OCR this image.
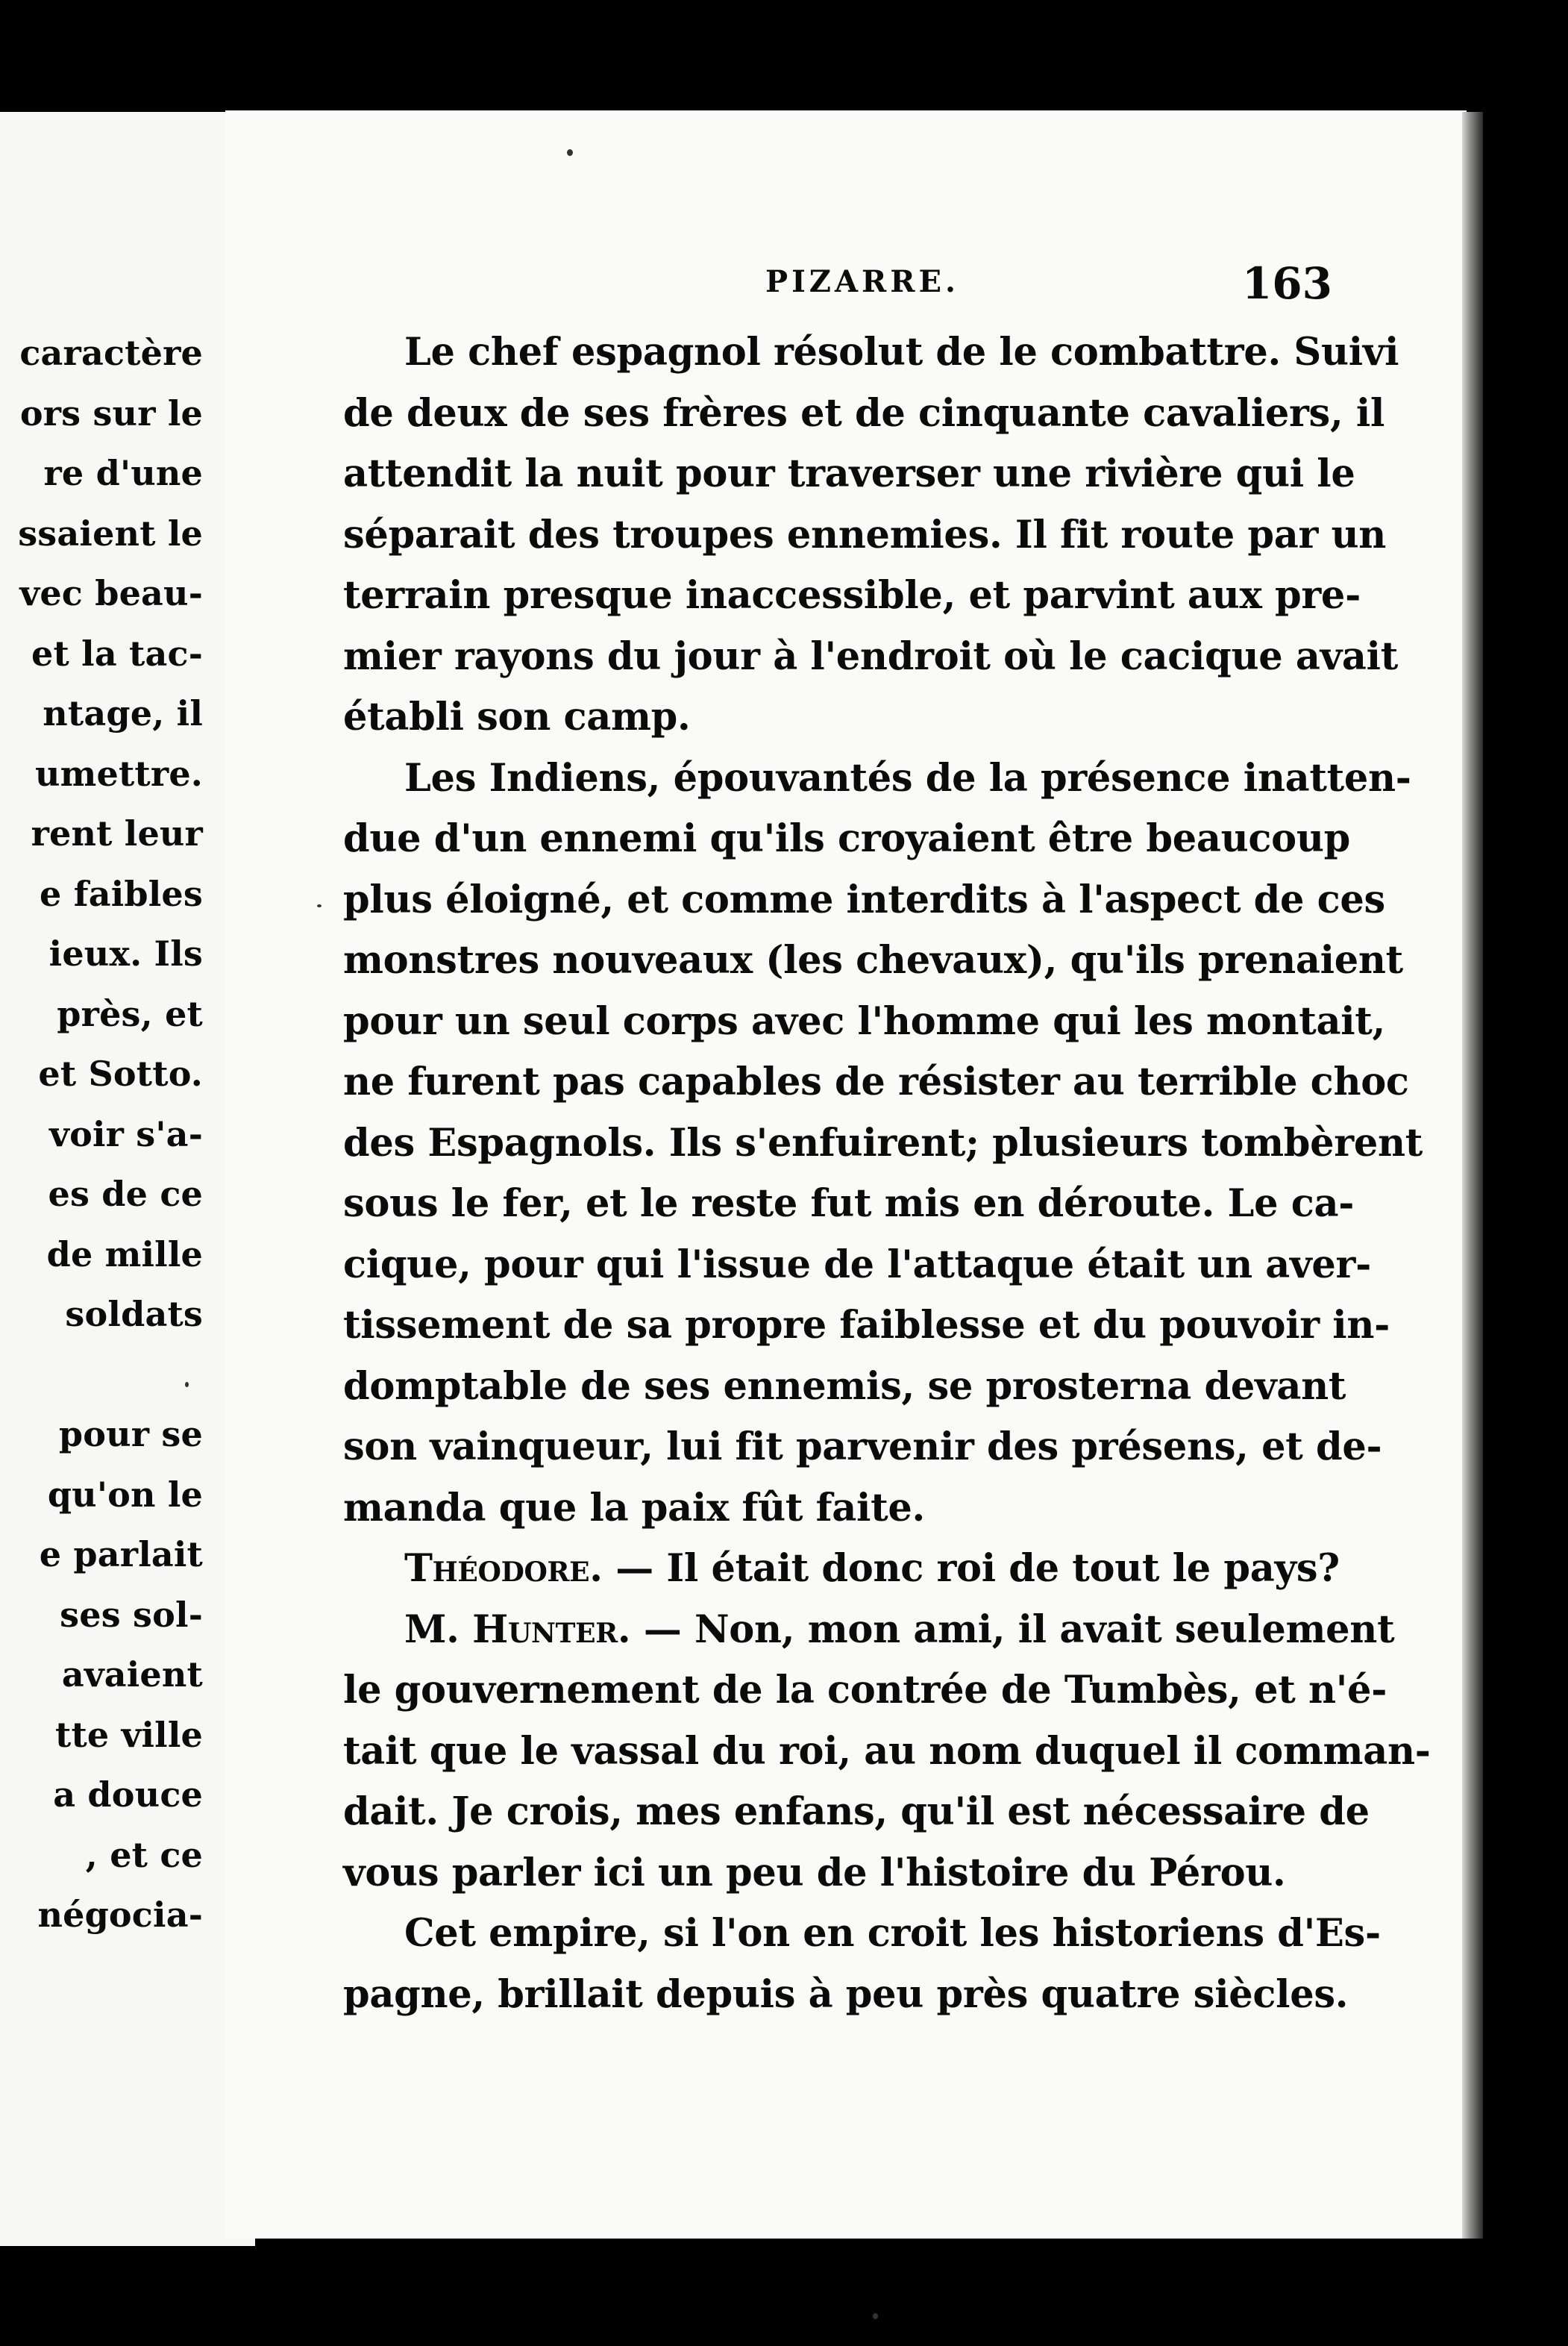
caractère
ors sur le
re d'une
ssaient le
vec beau-
et la tac-
ntage, il
umettre.
rent leur
e faibles
ieux. Ils
près, et
et Sotto.
voir s'a-
es de ce
de mille
soldats
pour se
qu'on le
e parlait
ses sol-
avaient
tte ville
a douce
, et ce
négocia-
PIZARRE.	163
Le chef espagnol résolut de le combattre. Suivi
de deux de ses frères et de cinquante cavaliers, il
attendit la nuit pour traverser une rivière qui le
séparait des troupes ennemies. Il fit route par un
terrain presque inaccessible, et parvint aux pre-
mier rayons du jour à l'endroit où le cacique avait
établi son camp.
Les Indiens, épouvantés de la présence inatten-
due d'un ennemi qu'ils croyaient être beaucoup
plus éloigné, et comme interdits à l'aspect de ces
monstres nouveaux (les chevaux), qu'ils prenaient
pour un seul corps avec l'homme qui les montait,
ne furent pas capables de résister au terrible choc
des Espagnols. Ils s'enfuirent; plusieurs tombèrent
sous le fer, et le reste fut mis en déroute. Le ca-
cique, pour qui l'issue de l'attaque était un aver-
tissement de sa propre faiblesse et du pouvoir in-
domptable de ses ennemis, se prosterna devant
son vainqueur, lui fit parvenir des présens, et de-
manda que la paix fût faite.
Théodore. — Il était donc roi de tout le pays?
M. Hunter. — Non, mon ami, il avait seulement
le gouvernement de la contrée de Tumbès, et n'é-
tait que le vassal du roi, au nom duquel il comman-
dait. Je crois, mes enfans, qu'il est nécessaire de
vous parler ici un peu de l'histoire du Pérou.
Cet empire, si l'on en croit les historiens d'Es-
pagne, brillait depuis à peu près quatre siècles.
